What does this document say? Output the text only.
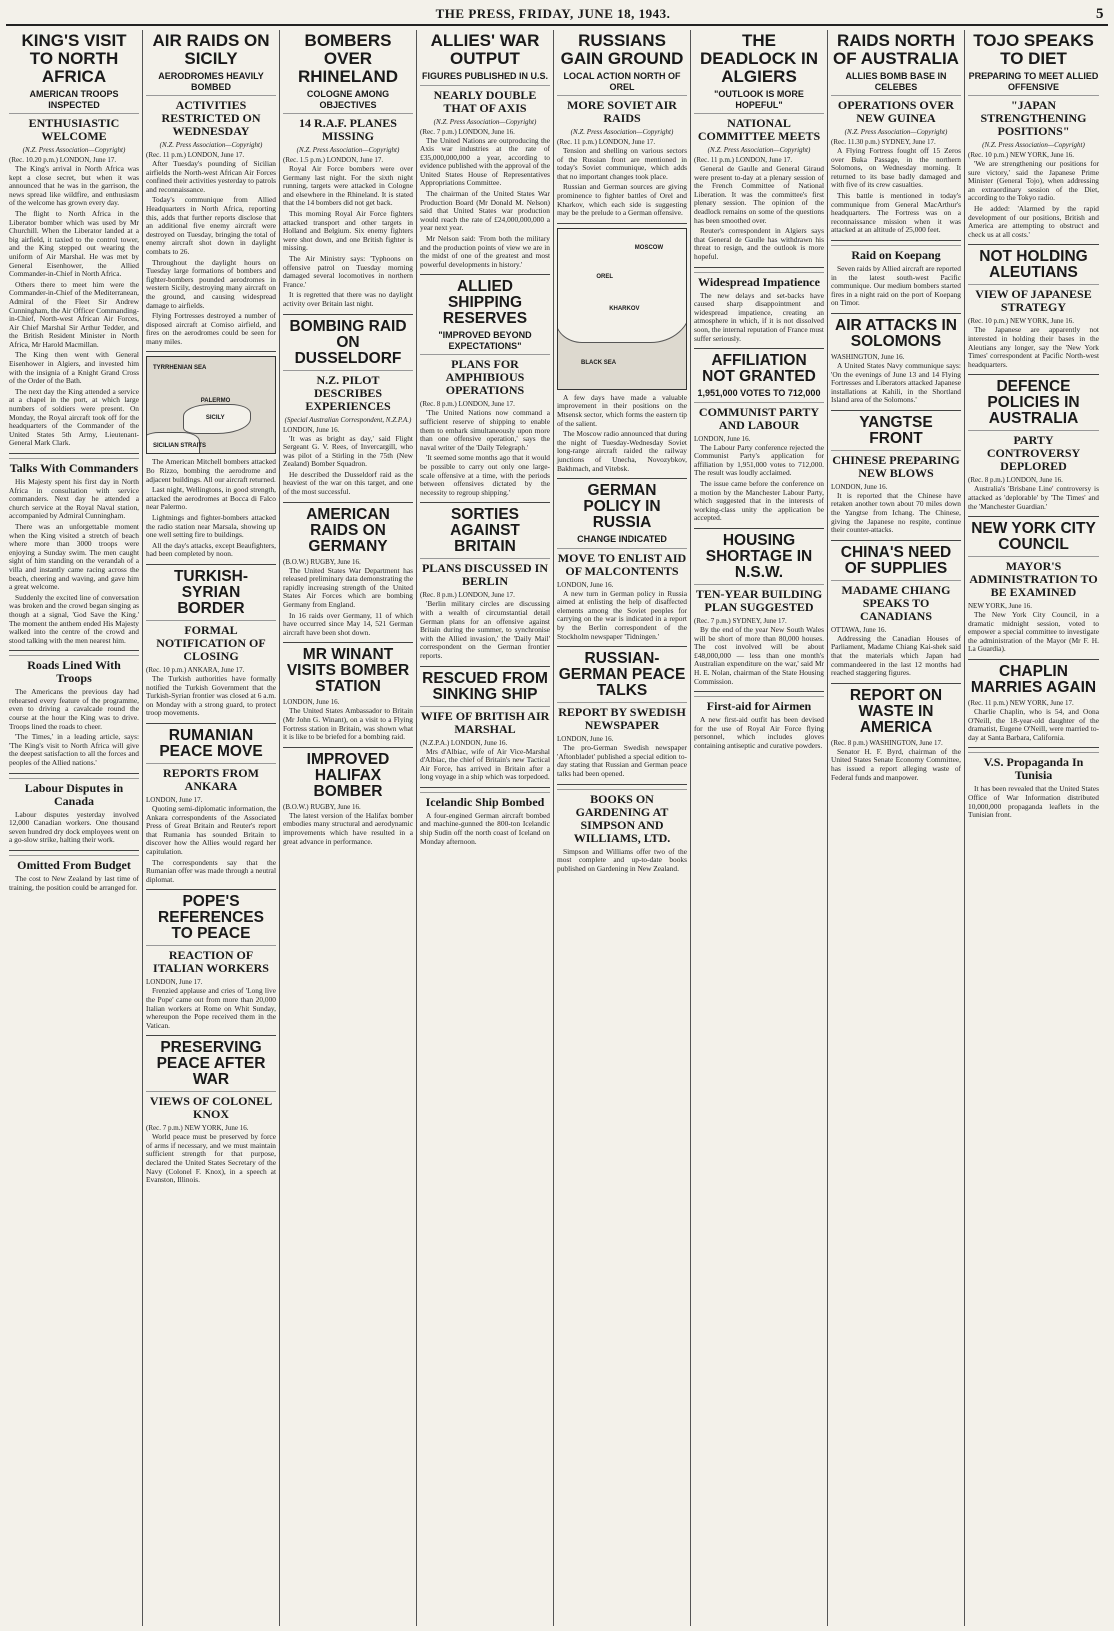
THE PRESS, FRIDAY, JUNE 18, 1943.	5
KING'S VISIT TO NORTH AFRICA
AMERICAN TROOPS INSPECTED
ENTHUSIASTIC WELCOME
(N.Z. Press Association—Copyright)
(Rec. 10.20 p.m.) LONDON, June 17.

The King's arrival in North Africa was kept a close secret, but when it was announced that he was in the garrison, the news spread like wildfire, and enthusiasm of the welcome has grown every day.

The flight to North Africa in the Liberator bomber which was used by Mr Churchill. When the Liberator landed at a big airfield, it taxied to the control tower, and the King stepped out wearing the uniform of Air Marshal. He was met by General Eisenhower, the Allied Commander-in-Chief in North Africa.

Others there to meet him were the Commander-in-Chief of the Mediterranean, Admiral of the Fleet Sir Andrew Cunningham, the Air Officer Commanding-in-Chief, North-west African Air Forces, Air Chief Marshal Sir Arthur Tedder, and the British Resident Minister in North Africa, Mr Harold Macmillan.

The King then went with General Eisenhower in Algiers, and invested him with the insignia of a Knight Grand Cross of the Order of the Bath.

The next day the King attended a service at a chapel in the port, at which large numbers of soldiers were present. On Monday, the Royal aircraft took off for the headquarters of the Commander of the United States 5th Army, Lieutenant-General Mark Clark.

Talks With Commanders

His Majesty spent his first day in North Africa in consultation with service commanders. Next day he attended a church service at the Royal Naval station, accompanied by Admiral Cunningham.

There was an unforgettable moment when the King visited a stretch of beach where more than 3000 troops were enjoying a Sunday swim. The men caught sight of him standing on the verandah of a villa and instantly came racing across the beach, cheering and waving, and gave him a great welcome.

Suddenly the excited line of conversation was broken and the crowd began singing as though at a signal, 'God Save the King.' The moment the anthem ended His Majesty walked into the centre of the crowd and stood talking with the men nearest him.

Roads Lined With Troops

The Americans the previous day had rehearsed every feature of the programme, even to driving a cavalcade round the course at the hour the King was to drive. Troops lined the roads to cheer.

'The Times,' in a leading article, says: 'The King's visit to North Africa will give the deepest satisfaction to all the forces and peoples of the Allied nations.'

Labour Disputes in Canada

Labour disputes yesterday involved 12,000 Canadian workers. One thousand seven hundred dry dock employees went on a go-slow strike, halting their work.

Omitted From Budget

The cost to New Zealand by last time of training, the position could be arranged for.

AIR RAIDS ON SICILY
AERODROMES HEAVILY BOMBED
ACTIVITIES RESTRICTED ON WEDNESDAY
(N.Z. Press Association—Copyright)
(Rec. 11 p.m.) LONDON, June 17.

After Tuesday's pounding of Sicilian airfields the North-west African Air Forces confined their activities yesterday to patrols and reconnaissance.

Today's communique from Allied Headquarters in North Africa, reporting this, adds that further reports disclose that an additional five enemy aircraft were destroyed on Tuesday, bringing the total of enemy aircraft shot down in daylight combats to 26.

Throughout the daylight hours on Tuesday large formations of bombers and fighter-bombers pounded aerodromes in western Sicily, destroying many aircraft on the ground, and causing widespread damage to airfields.

Flying Fortresses destroyed a number of disposed aircraft at Comiso airfield, and fires on the aerodromes could be seen for many miles.

TYRRHENIAN SEA
PALERMO
SICILY
SICILIAN STRAITS

The American Mitchell bombers attacked Bo Rizzo, bombing the aerodrome and adjacent buildings. All our aircraft returned.

Last night, Wellingtons, in good strength, attacked the aerodromes at Bocca di Falco near Palermo.

Lightnings and fighter-bombers attacked the radio station near Marsala, showing up one well setting fire to buildings.

All the day's attacks, except Beaufighters, had been completed by noon.

TURKISH-SYRIAN BORDER
FORMAL NOTIFICATION OF CLOSING
(Rec. 10 p.m.) ANKARA, June 17.

The Turkish authorities have formally notified the Turkish Government that the Turkish-Syrian frontier was closed at 6 a.m. on Monday with a strong guard, to protect troop movements.

RUMANIAN PEACE MOVE
REPORTS FROM ANKARA
LONDON, June 17.

Quoting semi-diplomatic information, the Ankara correspondents of the Associated Press of Great Britain and Reuter's report that Rumania has sounded Britain to discover how the Allies would regard her capitulation.

The correspondents say that the Rumanian offer was made through a neutral diplomat.

POPE'S REFERENCES TO PEACE
REACTION OF ITALIAN WORKERS
LONDON, June 17.

Frenzied applause and cries of 'Long live the Pope' came out from more than 20,000 Italian workers at Rome on Whit Sunday, whereupon the Pope received them in the Vatican.

PRESERVING PEACE AFTER WAR
VIEWS OF COLONEL KNOX
(Rec. 7 p.m.) NEW YORK, June 16.

World peace must be preserved by force of arms if necessary, and we must maintain sufficient strength for that purpose, declared the United States Secretary of the Navy (Colonel F. Knox), in a speech at Evanston, Illinois.

BOMBERS OVER RHINELAND
COLOGNE AMONG OBJECTIVES
14 R.A.F. PLANES MISSING
(N.Z. Press Association—Copyright)
(Rec. 1.5 p.m.) LONDON, June 17.

Royal Air Force bombers were over Germany last night. For the sixth night running, targets were attacked in Cologne and elsewhere in the Rhineland. It is stated that the 14 bombers did not get back.

This morning Royal Air Force fighters attacked transport and other targets in Holland and Belgium. Six enemy fighters were shot down, and one British fighter is missing.

The Air Ministry says: 'Typhoons on offensive patrol on Tuesday morning damaged several locomotives in northern France.'

It is regretted that there was no daylight activity over Britain last night.

BOMBING RAID ON DUSSELDORF
N.Z. PILOT DESCRIBES EXPERIENCES
(Special Australian Correspondent, N.Z.P.A.)
LONDON, June 16.

'It was as bright as day,' said Flight Sergeant G. V. Rees, of Invercargill, who was pilot of a Stirling in the 75th (New Zealand) Bomber Squadron.

He described the Dusseldorf raid as the heaviest of the war on this target, and one of the most successful.

AMERICAN RAIDS ON GERMANY
(B.O.W.) RUGBY, June 16.

The United States War Department has released preliminary data demonstrating the rapidly increasing strength of the United States Air Forces which are bombing Germany from England.

In 16 raids over Germany, 11 of which have occurred since May 14, 521 German aircraft have been shot down.

MR WINANT VISITS BOMBER STATION
LONDON, June 16.

The United States Ambassador to Britain (Mr John G. Winant), on a visit to a Flying Fortress station in Britain, was shown what it is like to be briefed for a bombing raid.

IMPROVED HALIFAX BOMBER
(B.O.W.) RUGBY, June 16.

The latest version of the Halifax bomber embodies many structural and aerodynamic improvements which have resulted in a great advance in performance.

ALLIES' WAR OUTPUT
FIGURES PUBLISHED IN U.S.
NEARLY DOUBLE THAT OF AXIS
(N.Z. Press Association—Copyright)
(Rec. 7 p.m.) LONDON, June 16.

The United Nations are outproducing the Axis war industries at the rate of £35,000,000,000 a year, according to evidence published with the approval of the United States House of Representatives Appropriations Committee.

The chairman of the United States War Production Board (Mr Donald M. Nelson) said that United States war production would reach the rate of £24,000,000,000 a year next year.

Mr Nelson said: 'From both the military and the production points of view we are in the midst of one of the greatest and most powerful developments in history.'

ALLIED SHIPPING RESERVES
"IMPROVED BEYOND EXPECTATIONS"
PLANS FOR AMPHIBIOUS OPERATIONS
(Rec. 8 p.m.) LONDON, June 17.

'The United Nations now command a sufficient reserve of shipping to enable them to embark simultaneously upon more than one offensive operation,' says the naval writer of the 'Daily Telegraph.'

'It seemed some months ago that it would be possible to carry out only one large-scale offensive at a time, with the periods between offensives dictated by the necessity to regroup shipping.'

SORTIES AGAINST BRITAIN
PLANS DISCUSSED IN BERLIN
(Rec. 8 p.m.) LONDON, June 17.

'Berlin military circles are discussing with a wealth of circumstantial detail German plans for an offensive against Britain during the summer, to synchronise with the Allied invasion,' the 'Daily Mail' correspondent on the German frontier reports.

RESCUED FROM SINKING SHIP
WIFE OF BRITISH AIR MARSHAL
(N.Z.P.A.) LONDON, June 16.

Mrs d'Albiac, wife of Air Vice-Marshal d'Albiac, the chief of Britain's new Tactical Air Force, has arrived in Britain after a long voyage in a ship which was torpedoed.

Icelandic Ship Bombed

A four-engined German aircraft bombed and machine-gunned the 800-ton Icelandic ship Sudin off the north coast of Iceland on Monday afternoon.

RUSSIANS GAIN GROUND
LOCAL ACTION NORTH OF OREL
MORE SOVIET AIR RAIDS
(N.Z. Press Association—Copyright)
(Rec. 11 p.m.) LONDON, June 17.

Tension and shelling on various sectors of the Russian front are mentioned in today's Soviet communique, which adds that no important changes took place.

Russian and German sources are giving prominence to fighter battles of Orel and Kharkov, which each side is suggesting may be the prelude to a German offensive.

MOSCOW
OREL
KHARKOV
BLACK SEA

A few days have made a valuable improvement in their positions on the Mtsensk sector, which forms the eastern tip of the salient.

The Moscow radio announced that during the night of Tuesday-Wednesday Soviet long-range aircraft raided the railway junctions of Unecha, Novozybkov, Bakhmach, and Vitebsk.

GERMAN POLICY IN RUSSIA
CHANGE INDICATED
MOVE TO ENLIST AID OF MALCONTENTS
LONDON, June 16.

A new turn in German policy in Russia aimed at enlisting the help of disaffected elements among the Soviet peoples for carrying on the war is indicated in a report by the Berlin correspondent of the Stockholm newspaper 'Tidningen.'

RUSSIAN-GERMAN PEACE TALKS
REPORT BY SWEDISH NEWSPAPER
LONDON, June 16.

The pro-German Swedish newspaper 'Aftonbladet' published a special edition to-day stating that Russian and German peace talks had been opened.

BOOKS ON GARDENING AT SIMPSON AND WILLIAMS, LTD.

Simpson and Williams offer two of the most complete and up-to-date books published on Gardening in New Zealand.

THE DEADLOCK IN ALGIERS
"OUTLOOK IS MORE HOPEFUL"
NATIONAL COMMITTEE MEETS
(N.Z. Press Association—Copyright)
(Rec. 11 p.m.) LONDON, June 17.

General de Gaulle and General Giraud were present to-day at a plenary session of the French Committee of National Liberation. It was the committee's first plenary session. The opinion of the deadlock remains on some of the questions has been smoothed over.

Reuter's correspondent in Algiers says that General de Gaulle has withdrawn his threat to resign, and the outlook is more hopeful.

Widespread Impatience

The new delays and set-backs have caused sharp disappointment and widespread impatience, creating an atmosphere in which, if it is not dissolved soon, the internal reputation of France must suffer seriously.

AFFILIATION NOT GRANTED
1,951,000 VOTES TO 712,000
COMMUNIST PARTY AND LABOUR
LONDON, June 16.

The Labour Party conference rejected the Communist Party's application for affiliation by 1,951,000 votes to 712,000. The result was loudly acclaimed.

The issue came before the conference on a motion by the Manchester Labour Party, which suggested that in the interests of working-class unity the application be accepted.

HOUSING SHORTAGE IN N.S.W.
TEN-YEAR BUILDING PLAN SUGGESTED
(Rec. 7 p.m.) SYDNEY, June 17.

By the end of the year New South Wales will be short of more than 80,000 houses. The cost involved will be about £48,000,000 — less than one month's Australian expenditure on the war,' said Mr H. E. Nolan, chairman of the State Housing Commission.

First-aid for Airmen

A new first-aid outfit has been devised for the use of Royal Air Force flying personnel, which includes gloves containing antiseptic and curative powders.

RAIDS NORTH OF AUSTRALIA
ALLIES BOMB BASE IN CELEBES
OPERATIONS OVER NEW GUINEA
(N.Z. Press Association—Copyright)
(Rec. 11.30 p.m.) SYDNEY, June 17.

A Flying Fortress fought off 15 Zeros over Buka Passage, in the northern Solomons, on Wednesday morning. It returned to its base badly damaged and with five of its crew casualties.

This battle is mentioned in today's communique from General MacArthur's headquarters. The Fortress was on a reconnaissance mission when it was attacked at an altitude of 25,000 feet.

Raid on Koepang

Seven raids by Allied aircraft are reported in the latest south-west Pacific communique. Our medium bombers started fires in a night raid on the port of Koepang on Timor.

AIR ATTACKS IN SOLOMONS
WASHINGTON, June 16.

A United States Navy communique says: 'On the evenings of June 13 and 14 Flying Fortresses and Liberators attacked Japanese installations at Kahili, in the Shortland Island area of the Solomons.'

YANGTSE FRONT
CHINESE PREPARING NEW BLOWS
LONDON, June 16.

It is reported that the Chinese have retaken another town about 70 miles down the Yangtse from Ichang. The Chinese, giving the Japanese no respite, continue their counter-attacks.

CHINA'S NEED OF SUPPLIES
MADAME CHIANG SPEAKS TO CANADIANS
OTTAWA, June 16.

Addressing the Canadian Houses of Parliament, Madame Chiang Kai-shek said that the materials which Japan had commandeered in the last 12 months had reached staggering figures.

REPORT ON WASTE IN AMERICA
(Rec. 8 p.m.) WASHINGTON, June 17.

Senator H. F. Byrd, chairman of the United States Senate Economy Committee, has issued a report alleging waste of Federal funds and manpower.

TOJO SPEAKS TO DIET
PREPARING TO MEET ALLIED OFFENSIVE
"JAPAN STRENGTHENING POSITIONS"
(N.Z. Press Association—Copyright)
(Rec. 10 p.m.) NEW YORK, June 16.

'We are strengthening our positions for sure victory,' said the Japanese Prime Minister (General Tojo), when addressing an extraordinary session of the Diet, according to the Tokyo radio.

He added: 'Alarmed by the rapid development of our positions, British and America are attempting to obstruct and check us at all costs.'

NOT HOLDING ALEUTIANS
VIEW OF JAPANESE STRATEGY
(Rec. 10 p.m.) NEW YORK, June 16.

The Japanese are apparently not interested in holding their bases in the Aleutians any longer, say the 'New York Times' correspondent at Pacific North-west headquarters.

DEFENCE POLICIES IN AUSTRALIA
PARTY CONTROVERSY DEPLORED
(Rec. 8 p.m.) LONDON, June 16.

Australia's 'Brisbane Line' controversy is attacked as 'deplorable' by 'The Times' and the 'Manchester Guardian.'

NEW YORK CITY COUNCIL
MAYOR'S ADMINISTRATION TO BE EXAMINED
NEW YORK, June 16.

The New York City Council, in a dramatic midnight session, voted to empower a special committee to investigate the administration of the Mayor (Mr F. H. La Guardia).

CHAPLIN MARRIES AGAIN
(Rec. 11 p.m.) NEW YORK, June 17.

Charlie Chaplin, who is 54, and Oona O'Neill, the 18-year-old daughter of the dramatist, Eugene O'Neill, were married to-day at Santa Barbara, California.

V.S. Propaganda In Tunisia

It has been revealed that the United States Office of War Information distributed 10,000,000 propaganda leaflets in the Tunisian front.
